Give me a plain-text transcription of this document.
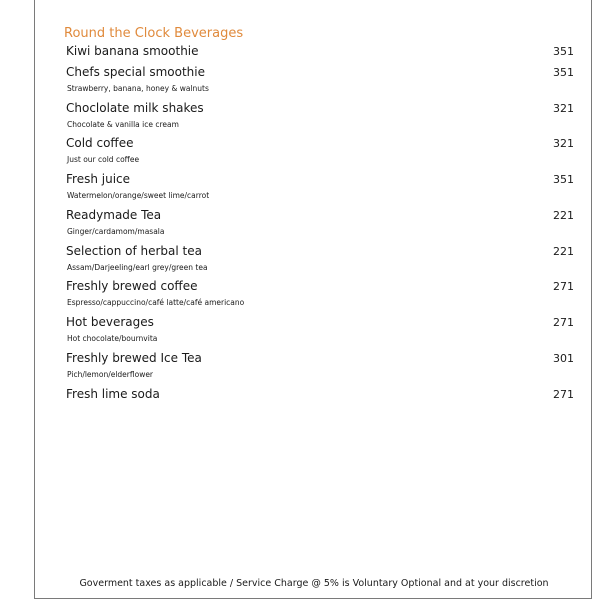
Round the Clock Beverages
Kiwi banana smoothie	351
Chefs special smoothie	351
Strawberry, banana, honey & walnuts
Choclolate milk shakes	321
Chocolate & vanilla ice cream
Cold coffee	321
Just our cold coffee
Fresh juice	351
Watermelon/orange/sweet lime/carrot
Readymade Tea	221
Ginger/cardamom/masala
Selection of herbal tea	221
Assam/Darjeeling/earl grey/green tea
Freshly brewed coffee	271
Espresso/cappuccino/café latte/café americano
Hot beverages	271
Hot chocolate/bournvita
Freshly brewed Ice Tea	301
Pich/lemon/elderflower
Fresh lime soda	271
Goverment taxes as applicable / Service Charge @ 5% is Voluntary Optional and at your discretion
